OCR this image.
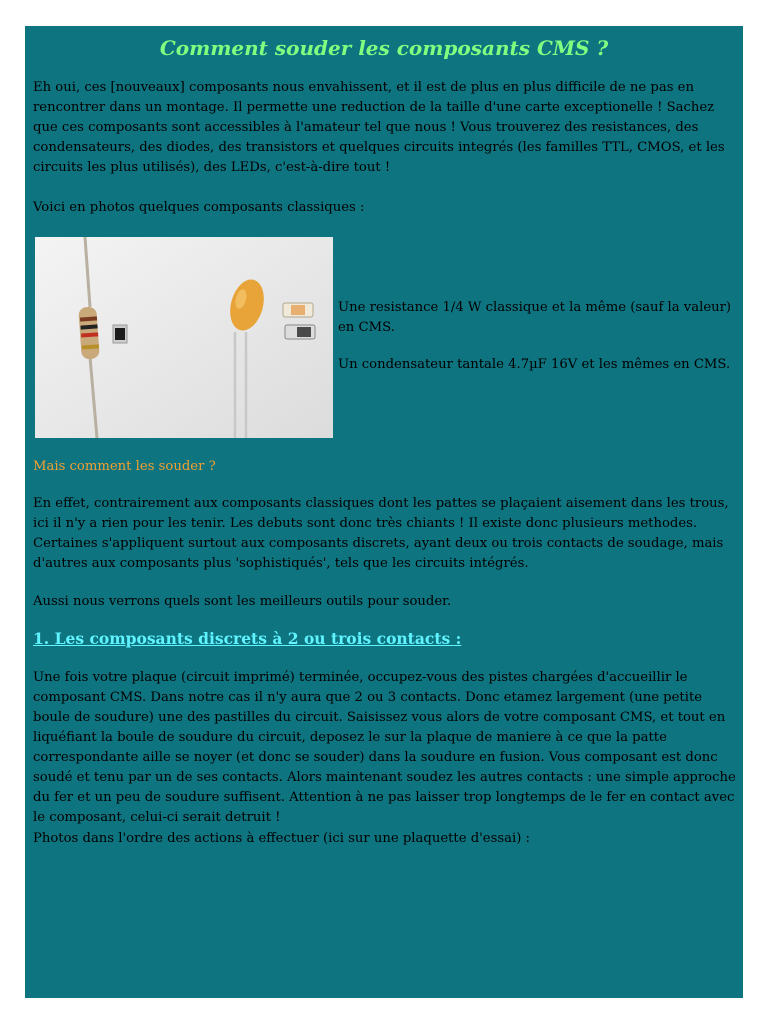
Comment souder les composants CMS ?

Eh oui, ces [nouveaux] composants nous envahissent, et il est de plus en plus difficile de ne pas en rencontrer dans un montage. Il permette une reduction de la taille d'une carte exceptionelle ! Sachez que ces composants sont accessibles à l'amateur tel que nous ! Vous trouverez des resistances, des condensateurs, des diodes, des transistors et quelques circuits integrés (les familles TTL, CMOS, et les circuits les plus utilisés), des LEDs, c'est-à-dire tout !

Voici en photos quelques composants classiques :

Une resistance 1/4 W classique et la même (sauf la valeur) en CMS.

Un condensateur tantale 4.7µF 16V et les mêmes en CMS.

Mais comment les souder ?

En effet, contrairement aux composants classiques dont les pattes se plaçaient aisement dans les trous, ici il n'y a rien pour les tenir. Les debuts sont donc très chiants ! Il existe donc plusieurs methodes. Certaines s'appliquent surtout aux composants discrets, ayant deux ou trois contacts de soudage, mais d'autres aux composants plus 'sophistiqués', tels que les circuits intégrés.

Aussi nous verrons quels sont les meilleurs outils pour souder.

1. Les composants discrets à 2 ou trois contacts :

Une fois votre plaque (circuit imprimé) terminée, occupez-vous des pistes chargées d'accueillir le composant CMS. Dans notre cas il n'y aura que 2 ou 3 contacts. Donc etamez largement (une petite boule de soudure) une des pastilles du circuit. Saisissez vous alors de votre composant CMS, et tout en liquéfiant la boule de soudure du circuit, deposez le sur la plaque de maniere à ce que la patte correspondante aille se noyer (et donc se souder) dans la soudure en fusion. Vous composant est donc soudé et tenu par un de ses contacts. Alors maintenant soudez les autres contacts : une simple approche du fer et un peu de soudure suffisent. Attention à ne pas laisser trop longtemps de le fer en contact avec le composant, celui-ci serait detruit !

Photos dans l'ordre des actions à effectuer (ici sur une plaquette d'essai) :
